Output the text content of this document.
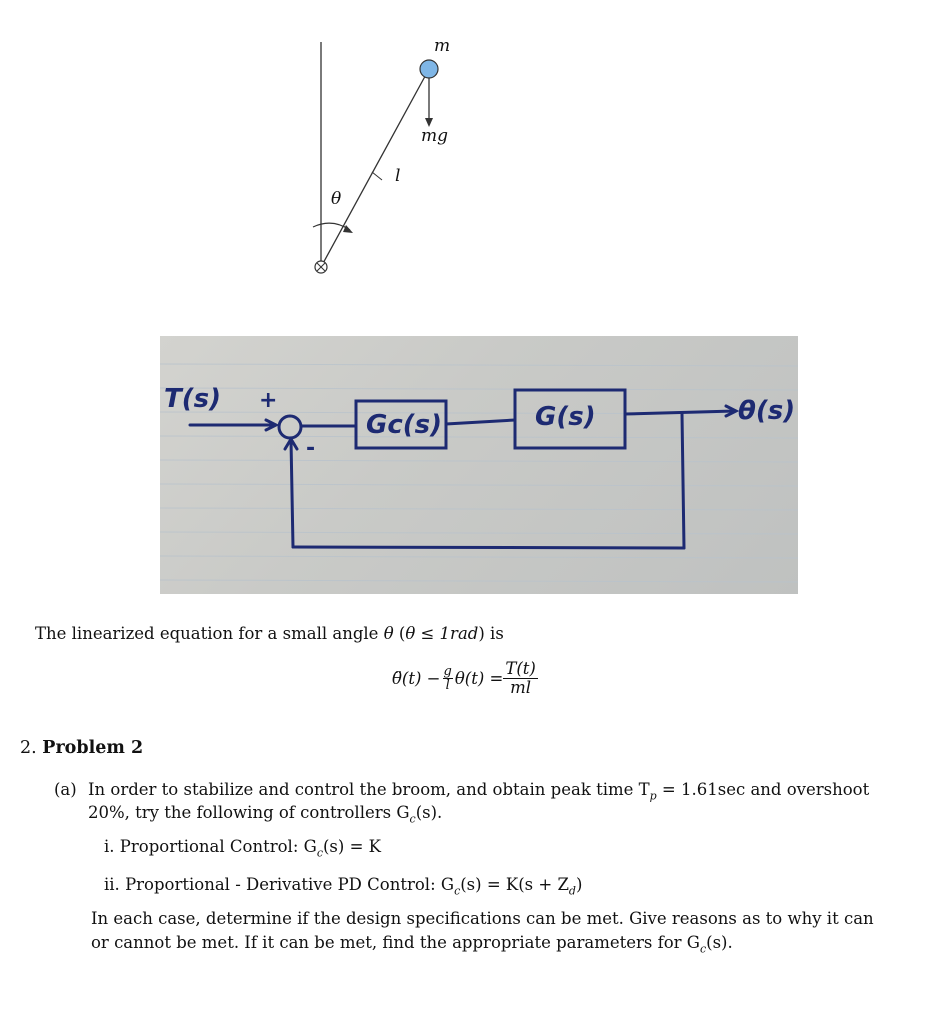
m
mg
l
θ
T(s) +
-
Gc(s)	G(s)	θ(s)
The linearized equation for a small angle θ (θ ≤ 1rad) is
θ̈(t) − $\frac{g}{l} \theta(t) = \frac{T(t)}{ml}$
2. Problem 2
(a) In order to stabilize and control the broom, and obtain peak time $T_p = 1.61\sec$ and overshoot
20%, try the following of controllers $G_c(s)$.
i. Proportional Control: $G_c(s) = K$
ii. Proportional - Derivative PD Control: $G_c(s) = K(s + Z_d)$
In each case, determine if the design specifications can be met. Give reasons as to why it can
or cannot be met. If it can be met, find the appropriate parameters for $G_c(s)$.
